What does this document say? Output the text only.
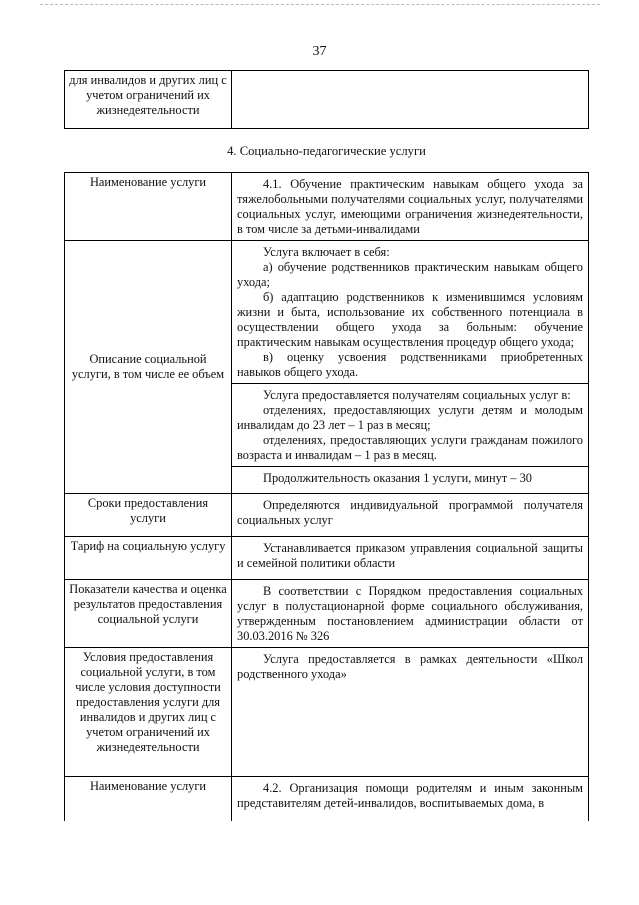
37
для инвалидов и других лиц с учетом ограничений их жизнедеятельности	
4. Социально-педагогические услуги
Наименование услуги	4.1. Обучение практическим навыкам общего ухода за тяжелобольными получателями социальных услуг, получателями социальных услуг, имеющими ограничения жизнедеятельности, в том числе за детьми-инвалидами

Описание социальной услуги, в том числе ее объем	Услуга включает в себя:

а) обучение родственников практическим навыкам общего ухода;

б) адаптацию родственников к изменившимся условиям жизни и быта, использование их собственного потенциала в осуществлении общего ухода за больным: обучение практическим навыкам осуществления процедур общего ухода;

в) оценку усвоения родственниками приобретенных навыков общего ухода.

	Услуга предоставляется получателям социальных услуг в:

отделениях, предоставляющих услуги детям и молодым инвалидам до 23 лет – 1 раз в месяц;

отделениях, предоставляющих услуги гражданам пожилого возраста и инвалидам – 1 раз в месяц.

	Продолжительность оказания 1 услуги, минут – 30

Сроки предоставления услуги	Определяются индивидуальной программой получателя социальных услуг

Тариф на социальную услугу	Устанавливается приказом управления социальной защиты и семейной политики области

Показатели качества и оценка результатов предоставления социальной услуги	В соответствии с Порядком предоставления социальных услуг в полустационарной форме социального обслуживания, утвержденным постановлением администрации области от 30.03.2016 № 326

Условия предоставления социальной услуги, в том числе условия доступности предоставления услуги для инвалидов и других лиц с учетом ограничений их жизнедеятельности	Услуга предоставляется в рамках деятельности «Школ родственного ухода»

Наименование услуги	4.2. Организация помощи родителям и иным законным представителям детей-инвалидов, воспитываемых дома, в
